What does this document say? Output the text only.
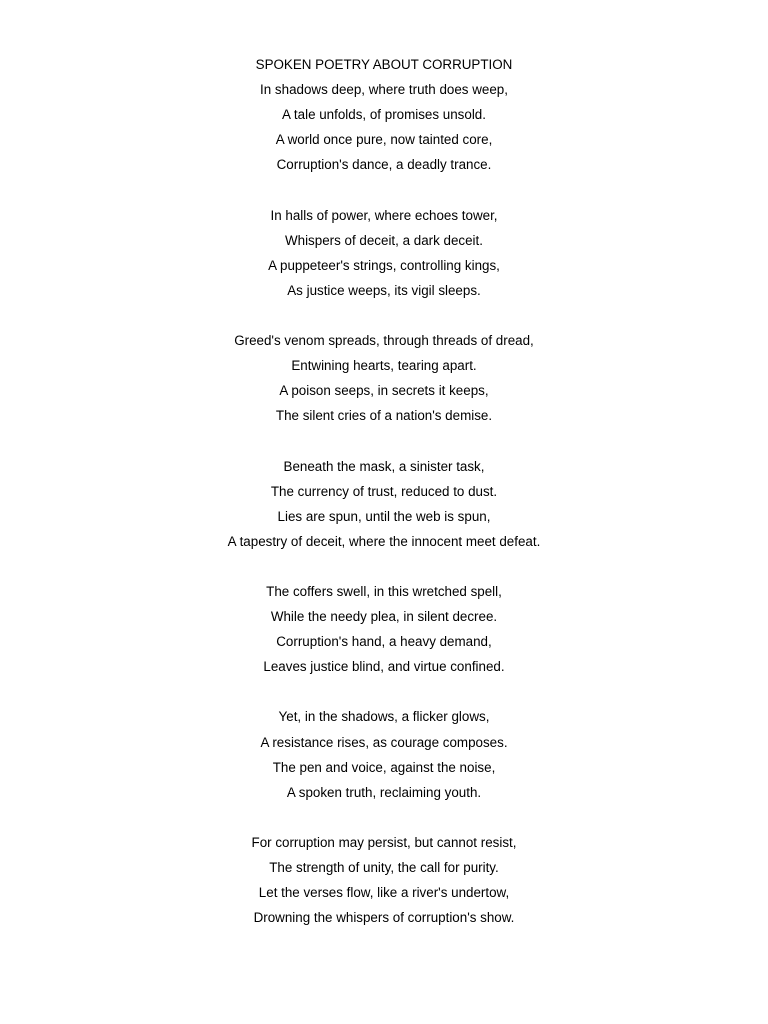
SPOKEN POETRY ABOUT CORRUPTION

In shadows deep, where truth does weep,

A tale unfolds, of promises unsold.

A world once pure, now tainted core,

Corruption's dance, a deadly trance.

In halls of power, where echoes tower,

Whispers of deceit, a dark deceit.

A puppeteer's strings, controlling kings,

As justice weeps, its vigil sleeps.

Greed's venom spreads, through threads of dread,

Entwining hearts, tearing apart.

A poison seeps, in secrets it keeps,

The silent cries of a nation's demise.

Beneath the mask, a sinister task,

The currency of trust, reduced to dust.

Lies are spun, until the web is spun,

A tapestry of deceit, where the innocent meet defeat.

The coffers swell, in this wretched spell,

While the needy plea, in silent decree.

Corruption's hand, a heavy demand,

Leaves justice blind, and virtue confined.

Yet, in the shadows, a flicker glows,

A resistance rises, as courage composes.

The pen and voice, against the noise,

A spoken truth, reclaiming youth.

For corruption may persist, but cannot resist,

The strength of unity, the call for purity.

Let the verses flow, like a river's undertow,

Drowning the whispers of corruption's show.
